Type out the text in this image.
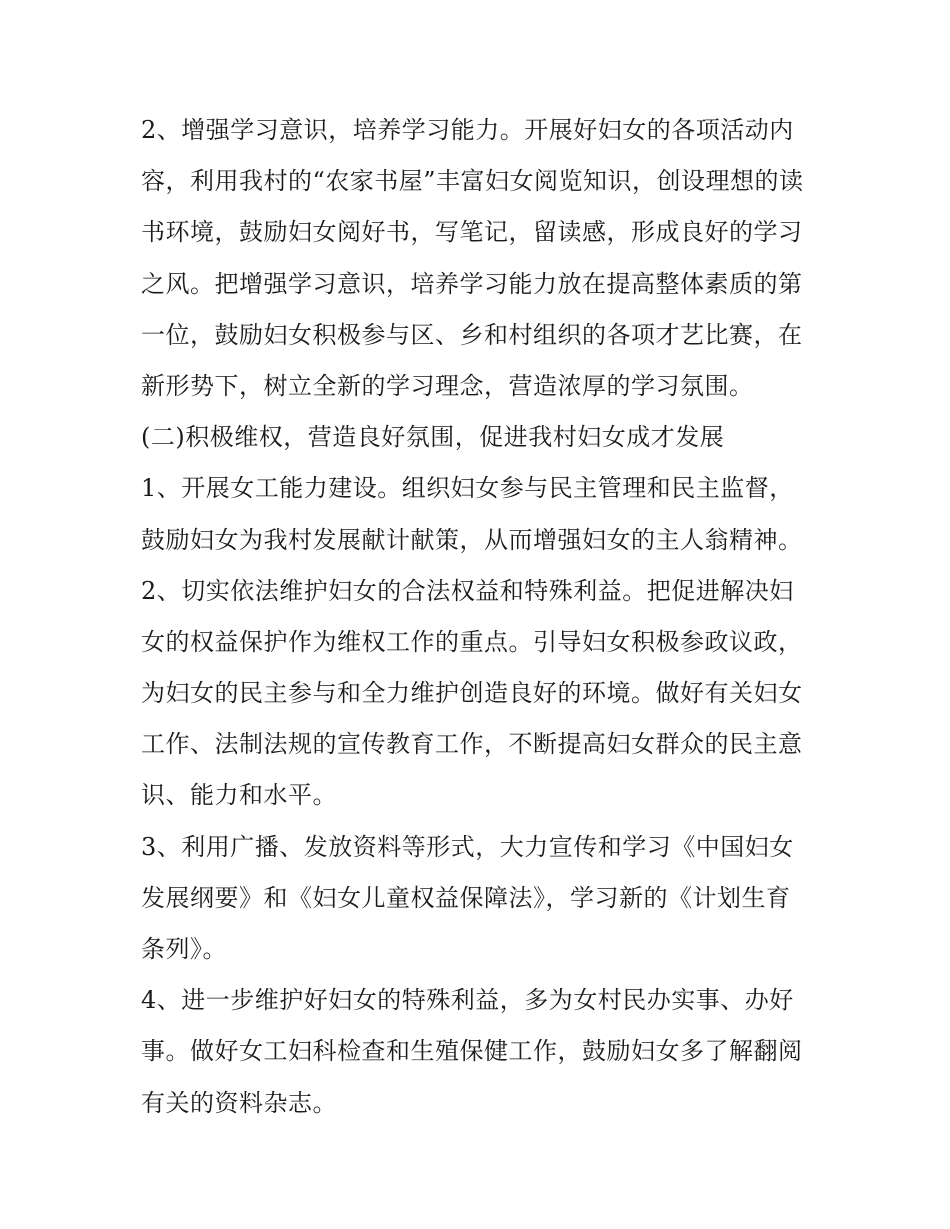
2、增强学习意识，培养学习能力。开展好妇女的各项活动内
容，利用我村的“农家书屋”丰富妇女阅览知识，创设理想的读
书环境，鼓励妇女阅好书，写笔记，留读感，形成良好的学习
之风。把增强学习意识，培养学习能力放在提高整体素质的第
一位，鼓励妇女积极参与区、乡和村组织的各项才艺比赛，在
新形势下，树立全新的学习理念，营造浓厚的学习氛围。
(二)积极维权，营造良好氛围，促进我村妇女成才发展
1、开展女工能力建设。组织妇女参与民主管理和民主监督，
鼓励妇女为我村发展献计献策，从而增强妇女的主人翁精神。
2、切实依法维护妇女的合法权益和特殊利益。把促进解决妇
女的权益保护作为维权工作的重点。引导妇女积极参政议政，
为妇女的民主参与和全力维护创造良好的环境。做好有关妇女
工作、法制法规的宣传教育工作，不断提高妇女群众的民主意
识、能力和水平。
3、利用广播、发放资料等形式，大力宣传和学习《中国妇女
发展纲要》和《妇女儿童权益保障法》，学习新的《计划生育
条列》。
4、进一步维护好妇女的特殊利益，多为女村民办实事、办好
事。做好女工妇科检查和生殖保健工作，鼓励妇女多了解翻阅
有关的资料杂志。
